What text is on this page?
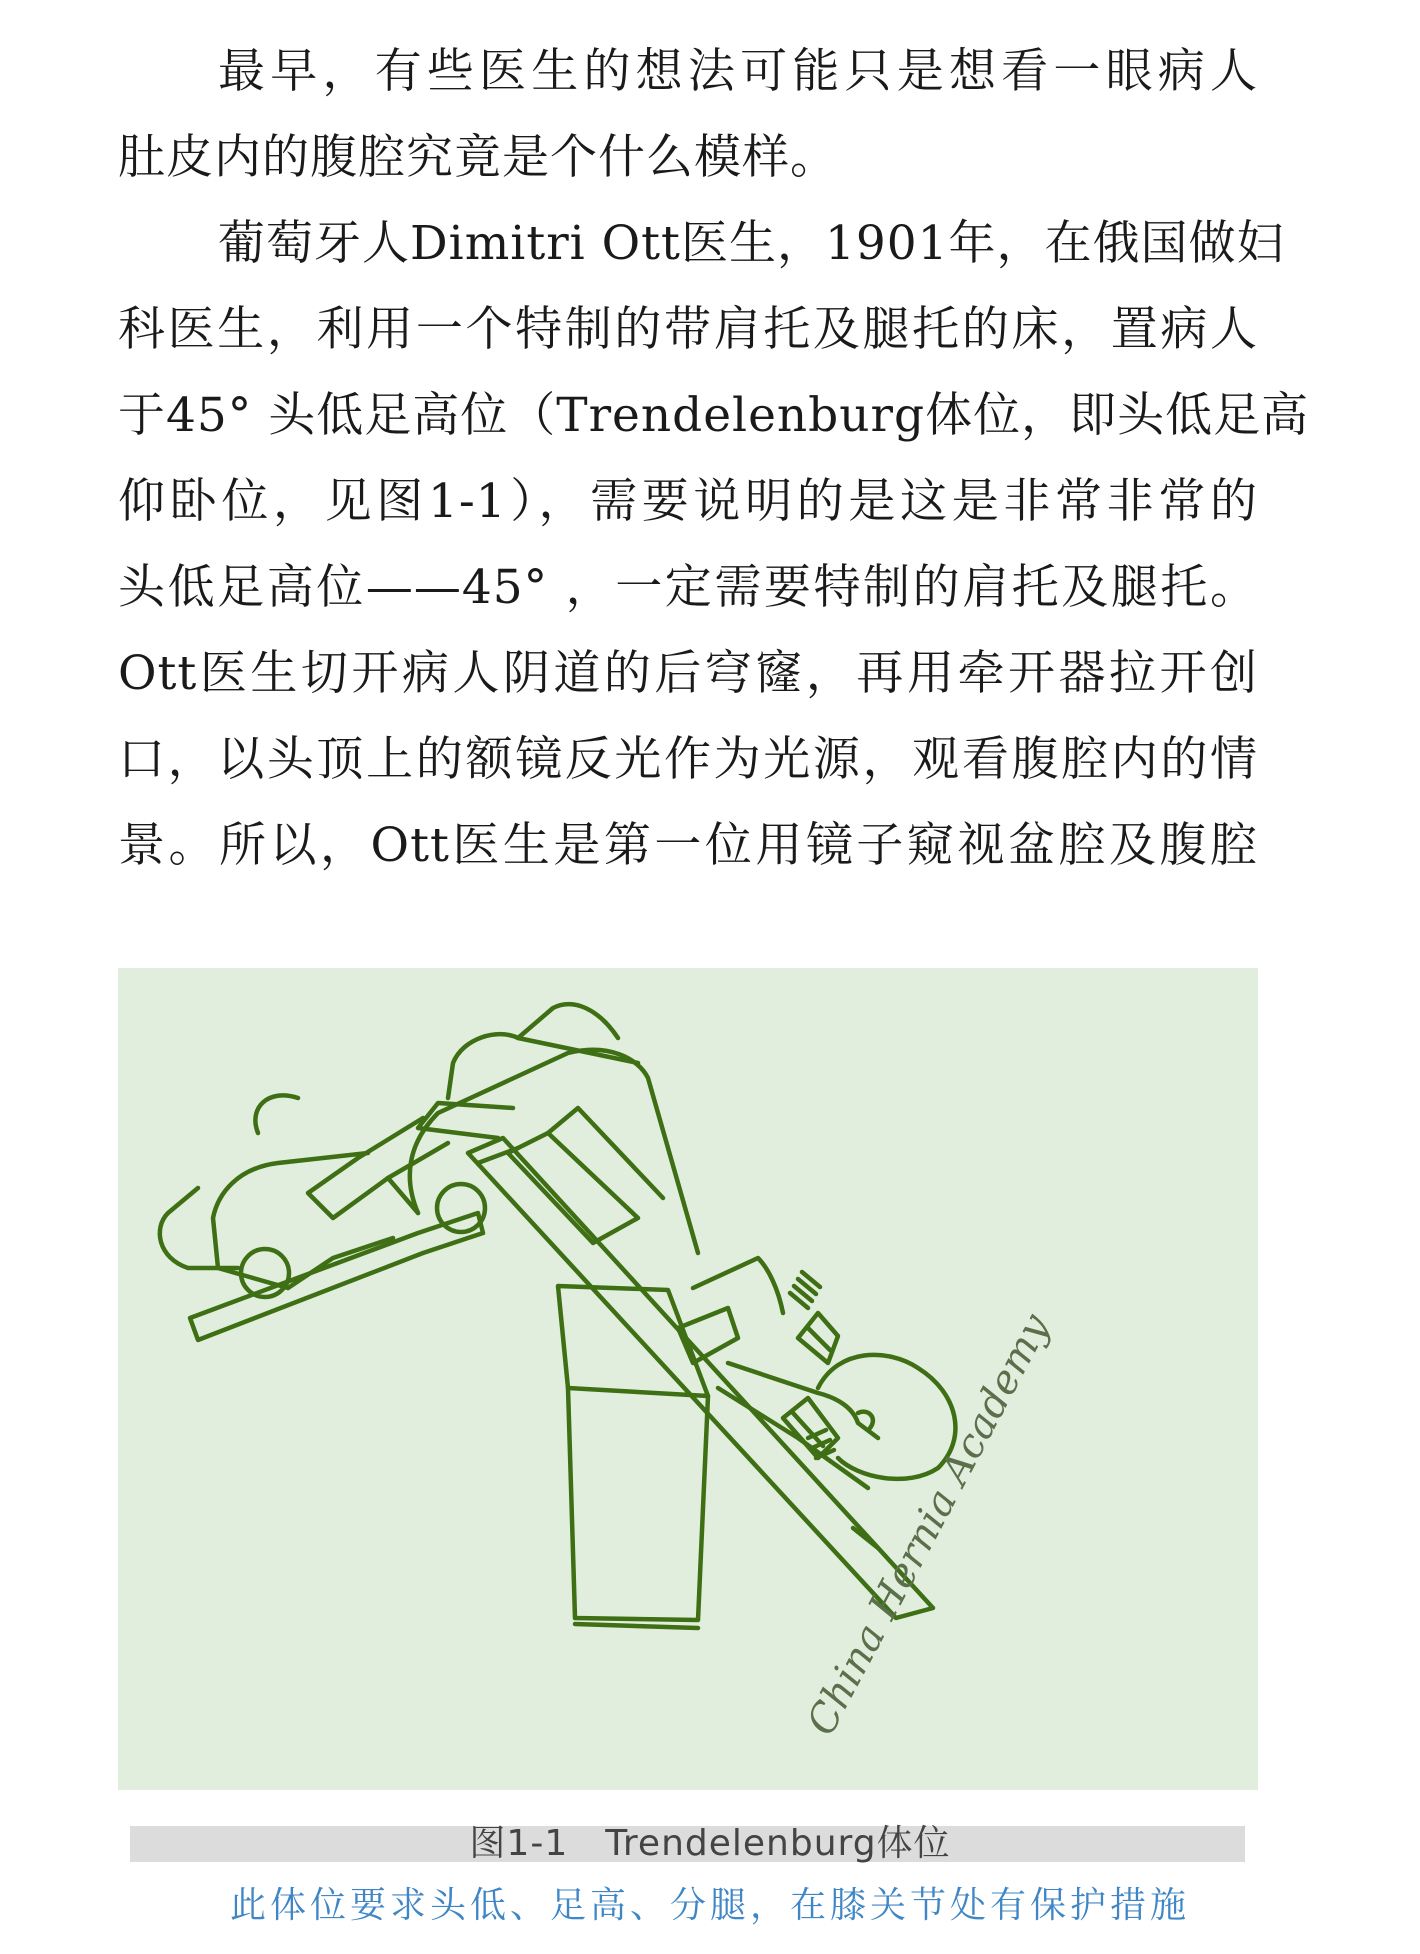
最早，有些医生的想法可能只是想看一眼病人
肚皮内的腹腔究竟是个什么模样。
葡萄牙人Dimitri Ott医生，1901年，在俄国做妇
科医生，利用一个特制的带肩托及腿托的床，置病人
于45° 头低足高位（Trendelenburg体位，即头低足高
仰卧位，见图1-1），需要说明的是这是非常非常的
头低足高位——45° ，一定需要特制的肩托及腿托。
Ott医生切开病人阴道的后穹窿，再用牵开器拉开创
口，以头顶上的额镜反光作为光源，观看腹腔内的情
景。所以，Ott医生是第一位用镜子窥视盆腔及腹腔
China Hernia Academy
图1-1　Trendelenburg体位
此体位要求头低、足高、分腿，在膝关节处有保护措施
